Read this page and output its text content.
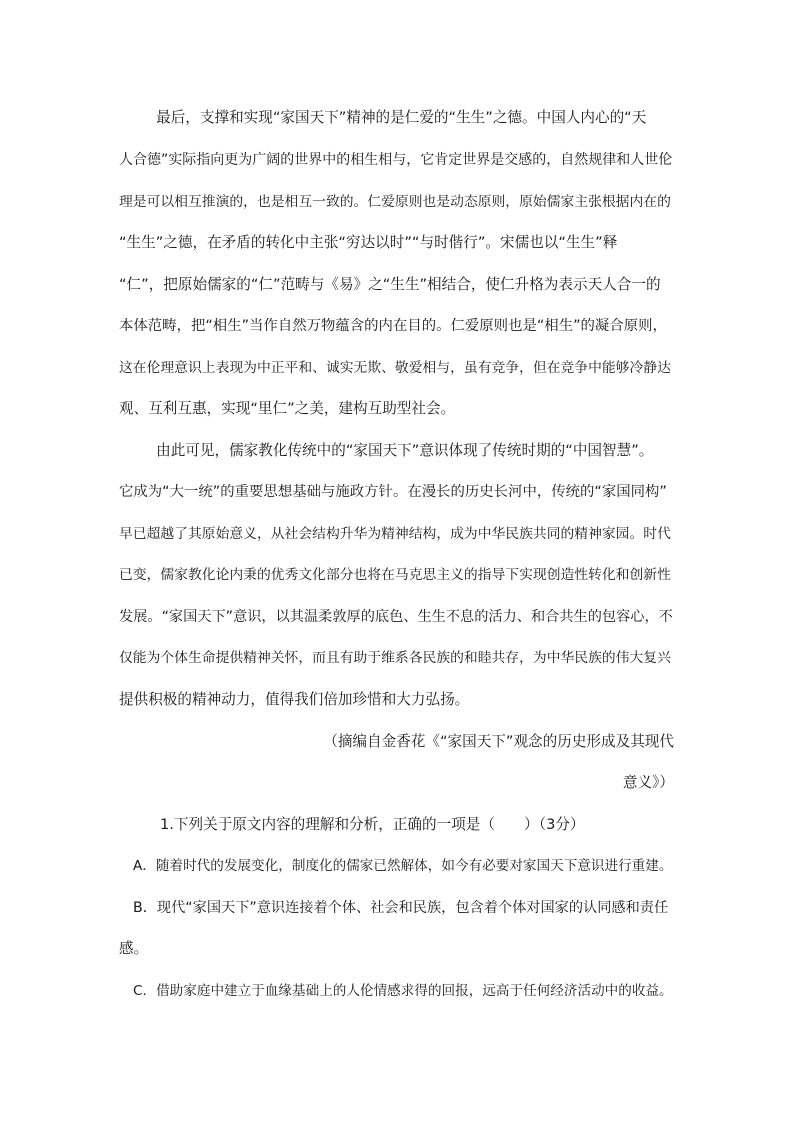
最后，支撑和实现“家国天下”精神的是仁爱的“生生”之德。中国人内心的“天
人合德”实际指向更为广阔的世界中的相生相与，它肯定世界是交感的，自然规律和人世伦
理是可以相互推演的，也是相互一致的。仁爱原则也是动态原则，原始儒家主张根据内在的
“生生”之德，在矛盾的转化中主张“穷达以时”“与时偕行”。宋儒也以“生生”释
“仁”，把原始儒家的“仁”范畴与《易》之“生生”相结合，使仁升格为表示天人合一的
本体范畴，把“相生”当作自然万物蕴含的内在目的。仁爱原则也是“相生”的凝合原则，
这在伦理意识上表现为中正平和、诚实无欺、敬爱相与，虽有竞争，但在竞争中能够冷静达
观、互利互惠，实现“里仁”之美，建构互助型社会。
由此可见，儒家教化传统中的“家国天下”意识体现了传统时期的“中国智慧”。
它成为“大一统”的重要思想基础与施政方针。在漫长的历史长河中，传统的“家国同构”
早已超越了其原始意义，从社会结构升华为精神结构，成为中华民族共同的精神家园。时代
已变，儒家教化论内秉的优秀文化部分也将在马克思主义的指导下实现创造性转化和创新性
发展。“家国天下”意识，以其温柔敦厚的底色、生生不息的活力、和合共生的包容心，不
仅能为个体生命提供精神关怀，而且有助于维系各民族的和睦共存，为中华民族的伟大复兴
提供积极的精神动力，值得我们倍加珍惜和大力弘扬。
（摘编自金香花《“家国天下”观念的历史形成及其现代
意义》）
1.下列关于原文内容的理解和分析，正确的一项是（　　）（3分）
A．随着时代的发展变化，制度化的儒家已然解体，如今有必要对家国天下意识进行重建。
B．现代“家国天下”意识连接着个体、社会和民族，包含着个体对国家的认同感和责任
感。
C．借助家庭中建立于血缘基础上的人伦情感求得的回报，远高于任何经济活动中的收益。
